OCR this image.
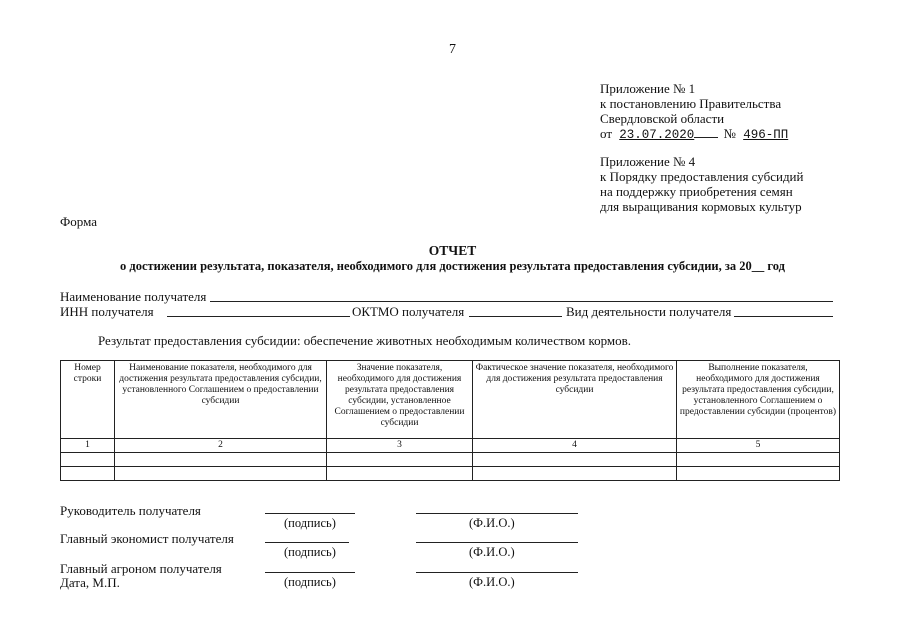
7
Приложение № 1
к постановлению Правительства
Свердловской области
от 23.07.2020 № 496-ПП
Приложение № 4
к Порядку предоставления субсидий
на поддержку приобретения семян
для выращивания кормовых культур
Форма
ОТЧЕТ
о достижении результата, показателя, необходимого для достижения результата предоставления субсидии, за 20__ год
Наименование получателя
ИНН получателя	ОКТМО получателя	Вид деятельности получателя
Результат предоставления субсидии: обеспечение животных необходимым количеством кормов.
Номер строки	Наименование показателя, необходимого для достижения результата предоставления субсидии, установленного Соглашением о предоставлении субсидии	Значение показателя, необходимого для достижения результата предоставления субсидии, установленное Соглашением о предоставлении субсидии	Фактическое значение показателя, необходимого для достижения результата предоставления субсидии	Выполнение показателя, необходимого для достижения результата предоставления субсидии, установленного Соглашением о предоставлении субсидии (процентов)
1	2	3	4	5

Руководитель получателя
(подпись)	(Ф.И.О.)
Главный экономист получателя
(подпись)	(Ф.И.О.)
Главный агроном получателя
Дата, М.П.	(подпись)	(Ф.И.О.)
